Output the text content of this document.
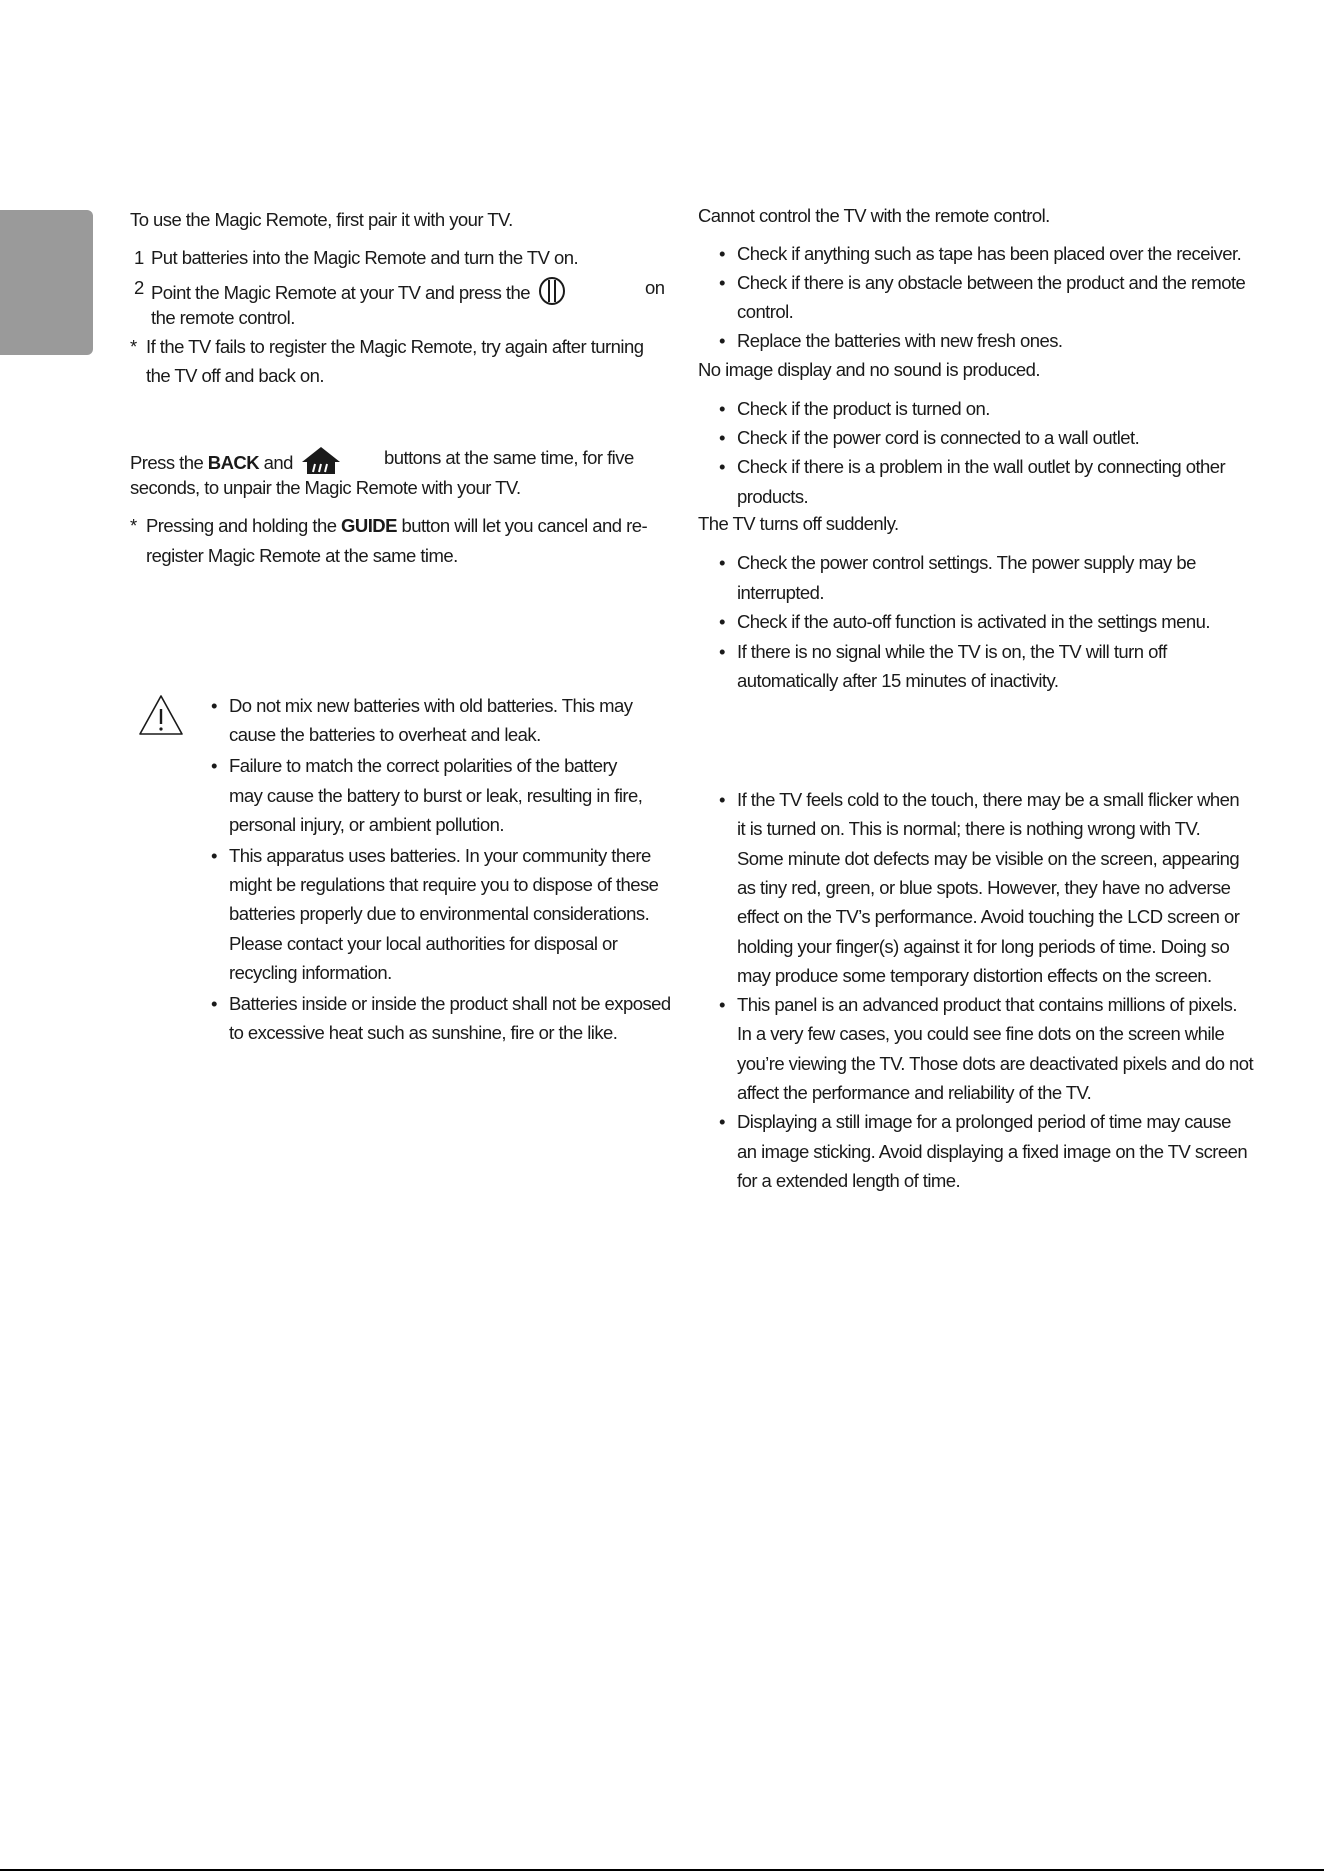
To use the Magic Remote, first pair it with your TV.
1 Put batteries into the Magic Remote and turn the TV on.
2 Point the Magic Remote at your TV and press the	on
the remote control.
* If the TV fails to register the Magic Remote, try again after turning
the TV off and back on.
Press the BACK and	buttons at the same time, for five
seconds, to unpair the Magic Remote with your TV.
* Pressing and holding the GUIDE button will let you cancel and re-
register Magic Remote at the same time.
• Do not mix new batteries with old batteries. This may
cause the batteries to overheat and leak.
• Failure to match the correct polarities of the battery
may cause the battery to burst or leak, resulting in fire,
personal injury, or ambient pollution.
• This apparatus uses batteries. In your community there
might be regulations that require you to dispose of these
batteries properly due to environmental considerations.
Please contact your local authorities for disposal or
recycling information.
• Batteries inside or inside the product shall not be exposed
to excessive heat such as sunshine, fire or the like.
Cannot control the TV with the remote control.
• Check if anything such as tape has been placed over the receiver.
• Check if there is any obstacle between the product and the remote
control.
• Replace the batteries with new fresh ones.
No image display and no sound is produced.
• Check if the product is turned on.
• Check if the power cord is connected to a wall outlet.
• Check if there is a problem in the wall outlet by connecting other
products.
The TV turns off suddenly.
• Check the power control settings. The power supply may be
interrupted.
• Check if the auto-off function is activated in the settings menu.
• If there is no signal while the TV is on, the TV will turn off
automatically after 15 minutes of inactivity.
• If the TV feels cold to the touch, there may be a small flicker when
it is turned on. This is normal; there is nothing wrong with TV.
Some minute dot defects may be visible on the screen, appearing
as tiny red, green, or blue spots. However, they have no adverse
effect on the TV’s performance. Avoid touching the LCD screen or
holding your finger(s) against it for long periods of time. Doing so
may produce some temporary distortion effects on the screen.
• This panel is an advanced product that contains millions of pixels.
In a very few cases, you could see fine dots on the screen while
you’re viewing the TV. Those dots are deactivated pixels and do not
affect the performance and reliability of the TV.
• Displaying a still image for a prolonged period of time may cause
an image sticking. Avoid displaying a fixed image on the TV screen
for a extended length of time.
